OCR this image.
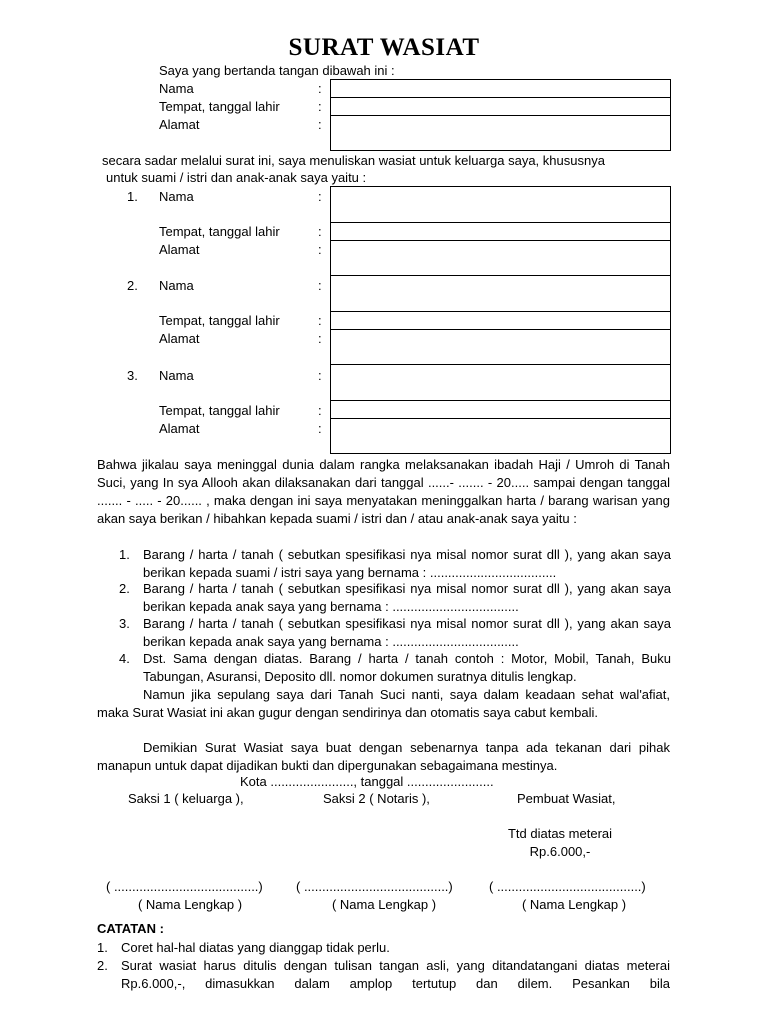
SURAT WASIAT
Saya yang bertanda tangan dibawah ini :
Nama	:
Tempat, tanggal lahir	:
Alamat	:
secara sadar melalui surat ini, saya menuliskan wasiat untuk keluarga saya, khususnya
untuk suami / istri dan anak-anak saya yaitu :
1. Nama	:
Tempat, tanggal lahir	:
Alamat	:
2. Nama	:
Tempat, tanggal lahir	:
Alamat	:
3. Nama	:
Tempat, tanggal lahir	:
Alamat	:

Bahwa jikalau saya meninggal dunia dalam rangka melaksanakan ibadah Haji / Umroh di Tanah Suci, yang In sya Allooh akan dilaksanakan dari tanggal ......- ....... - 20..... sampai dengan tanggal ....... - ..... - 20...... , maka dengan ini saya menyatakan meninggalkan harta / barang warisan yang akan saya berikan / hibahkan kepada suami / istri dan / atau anak-anak saya yaitu :

1. Barang / harta / tanah ( sebutkan spesifikasi nya misal nomor surat dll ), yang akan saya berikan kepada suami / istri saya yang bernama : ...................................
2. Barang / harta / tanah ( sebutkan spesifikasi nya misal nomor surat dll ), yang akan saya berikan kepada anak saya yang bernama : ...................................
3. Barang / harta / tanah ( sebutkan spesifikasi nya misal nomor surat dll ), yang akan saya berikan kepada anak saya yang bernama : ...................................
4. Dst. Sama dengan diatas. Barang / harta / tanah contoh : Motor, Mobil, Tanah, Buku Tabungan, Asuransi, Deposito dll. nomor dokumen suratnya ditulis lengkap.

Namun jika sepulang saya dari Tanah Suci nanti, saya dalam keadaan sehat wal'afiat, maka Surat Wasiat ini akan gugur dengan sendirinya dan otomatis saya cabut kembali.

Demikian Surat Wasiat saya buat dengan sebenarnya tanpa ada tekanan dari pihak manapun untuk dapat dijadikan bukti dan dipergunakan sebagaimana mestinya.

Kota ......................., tanggal ........................
Saksi 1 ( keluarga ),	Saksi 2 ( Notaris ),	Pembuat Wasiat,
Ttd diatas meterai
Rp.6.000,-
( ........................................)	( ........................................)	( ........................................)
( Nama Lengkap )	( Nama Lengkap )	( Nama Lengkap )
CATATAN :
1. Coret hal-hal diatas yang dianggap tidak perlu.
2. Surat wasiat harus ditulis dengan tulisan tangan asli, yang ditandatangani diatas meterai Rp.6.000,-, dimasukkan dalam amplop tertutup dan dilem. Pesankan bila
